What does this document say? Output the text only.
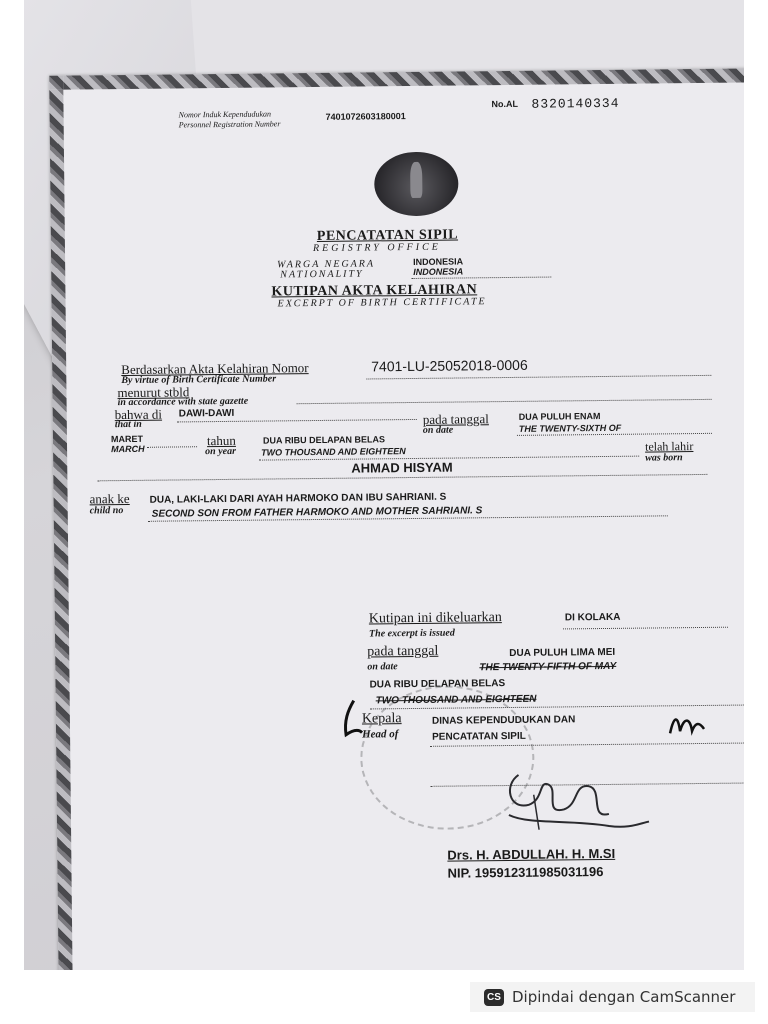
Nomor Induk Kependudukan
Personnel Registration Number
7401072603180001
No.AL 8320140334
PENCATATAN SIPIL
REGISTRY OFFICE
WARGA NEGARA
NATIONALITY
INDONESIA
INDONESIA
KUTIPAN AKTA KELAHIRAN
EXCERPT OF BIRTH CERTIFICATE
Berdasarkan Akta Kelahiran Nomor
By virtue of Birth Certificate Number
7401-LU-25052018-0006
menurut stbld
in accordance with state gazette
bahwa di
that in
DAWI-DAWI	pada tanggal
on date
DUA PULUH ENAM
THE TWENTY-SIXTH OF
MARET
MARCH
tahun
on year
DUA RIBU DELAPAN BELAS
TWO THOUSAND AND EIGHTEEN	telah lahir
was born
AHMAD HISYAM
anak ke
child no
DUA, LAKI-LAKI DARI AYAH HARMOKO DAN IBU SAHRIANI. S
SECOND SON FROM FATHER HARMOKO AND MOTHER SAHRIANI. S
Kutipan ini dikeluarkan
The excerpt is issued
DI KOLAKA
pada tanggal
on date
DUA PULUH LIMA MEI
THE TWENTY-FIFTH OF MAY
DUA RIBU DELAPAN BELAS
TWO THOUSAND AND EIGHTEEN
Kepala
Head of
DINAS KEPENDUDUKAN DAN
PENCATATAN SIPIL
Drs. H. ABDULLAH. H. M.SI
NIP. 195912311985031196
CS Dipindai dengan CamScanner
